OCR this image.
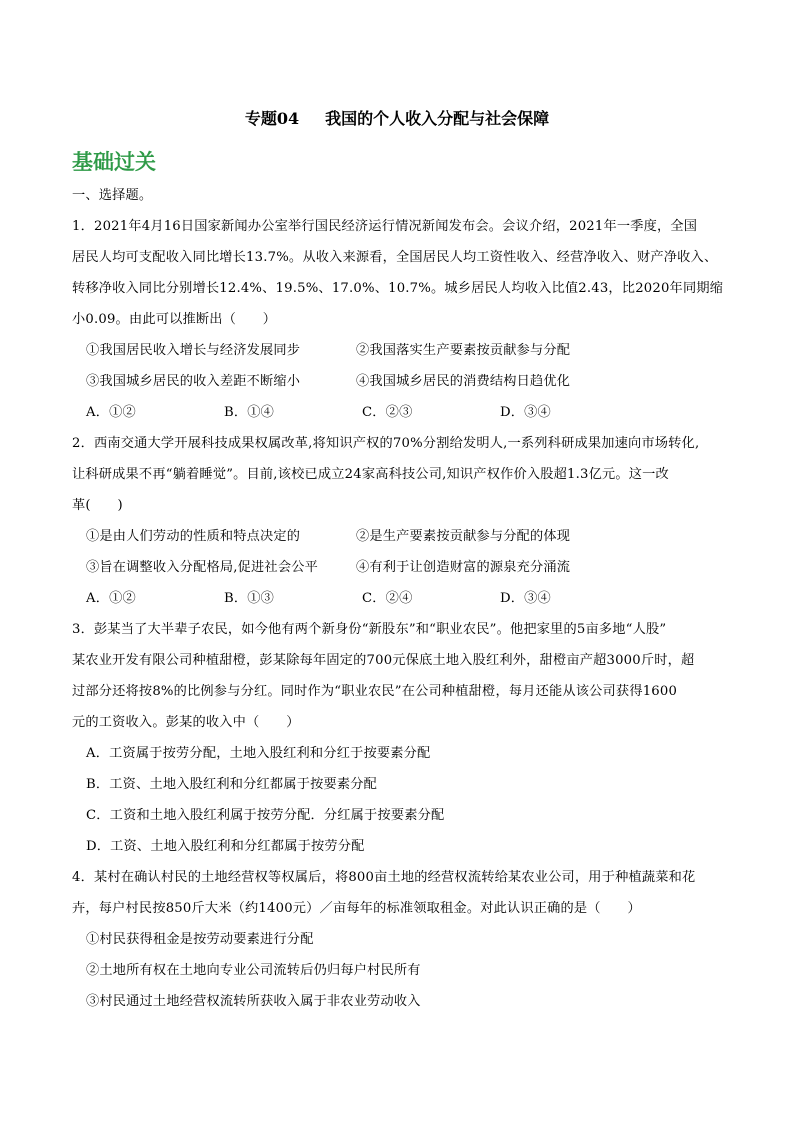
专题04 我国的个人收入分配与社会保障
基础过关

一、选择题。

1．2021年4月16日国家新闻办公室举行国民经济运行情况新闻发布会。会议介绍，2021年一季度，全国

居民人均可支配收入同比增长13.7%。从收入来源看，全国居民人均工资性收入、经营净收入、财产净收入、

转移净收入同比分别增长12.4%、19.5%、17.0%、10.7%。城乡居民人均收入比值2.43，比2020年同期缩

小0.09。由此可以推断出（　　）

①我国居民收入增长与经济发展同步	②我国落实生产要素按贡献参与分配
③我国城乡居民的收入差距不断缩小	④我国城乡居民的消费结构日趋优化
A．①②	B．①④	C．②③	D．③④

2．西南交通大学开展科技成果权属改革,将知识产权的70%分割给发明人,一系列科研成果加速向市场转化,

让科研成果不再“躺着睡觉”。目前,该校已成立24家高科技公司,知识产权作价入股超1.3亿元。这一改

革(　　)

①是由人们劳动的性质和特点决定的	②是生产要素按贡献参与分配的体现
③旨在调整收入分配格局,促进社会公平	④有利于让创造财富的源泉充分涌流
A．①②	B．①③	C．②④	D．③④

3．彭某当了大半辈子农民，如今他有两个新身份“新股东”和“职业农民”。他把家里的5亩多地“人股”

某农业开发有限公司种植甜橙，彭某除每年固定的700元保底土地入股红利外，甜橙亩产超3000斤时，超

过部分还将按8%的比例参与分红。同时作为“职业农民”在公司种植甜橙，每月还能从该公司获得1600

元的工资收入。彭某的收入中（　　）

A．工资属于按劳分配，土地入股红利和分红于按要素分配

B．工资、土地入股红利和分红都属于按要素分配

C．工资和土地入股红利属于按劳分配．分红属于按要素分配

D．工资、土地入股红利和分红都属于按劳分配

4．某村在确认村民的土地经营权等权属后，将800亩土地的经营权流转给某农业公司，用于种植蔬菜和花

卉，每户村民按850斤大米（约1400元）／亩每年的标准领取租金。对此认识正确的是（　　）

①村民获得租金是按劳动要素进行分配

②土地所有权在土地向专业公司流转后仍归每户村民所有

③村民通过土地经营权流转所获收入属于非农业劳动收入
